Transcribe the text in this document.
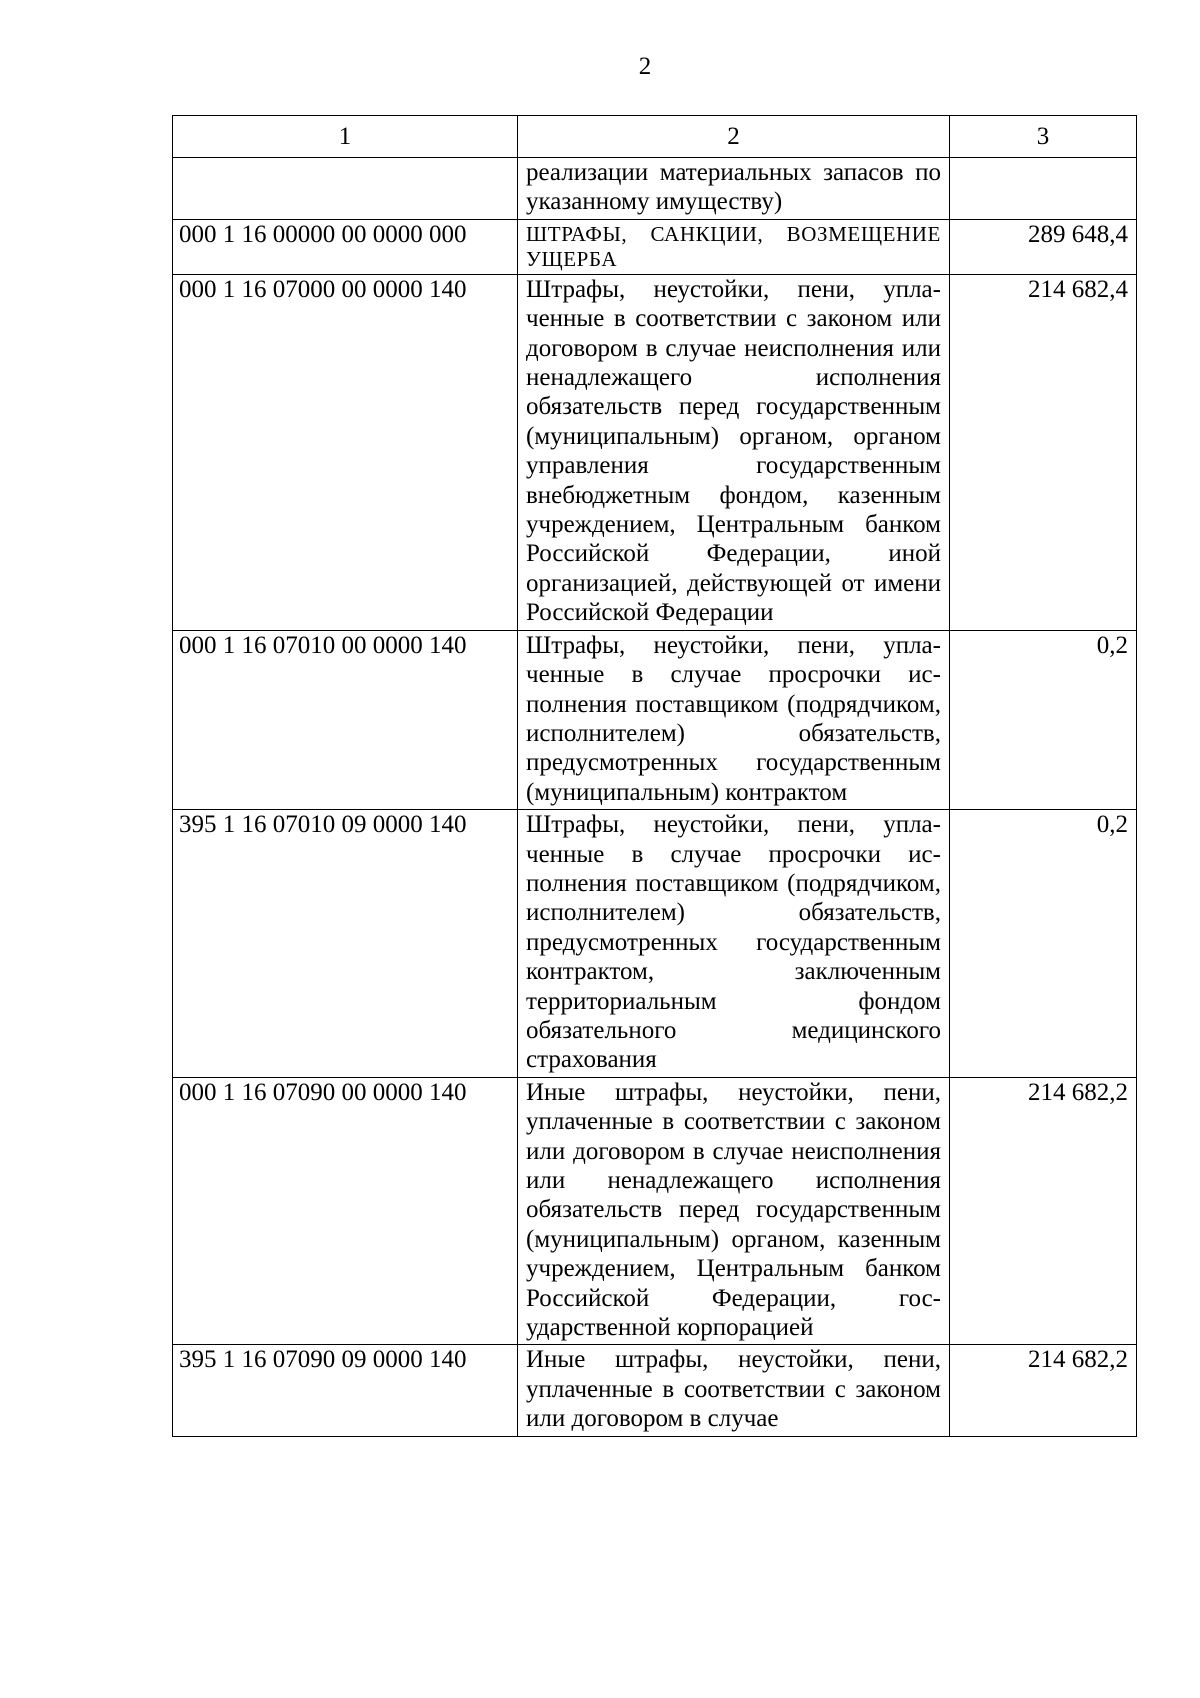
2
1	2	3
	реализации материальных запасов по указанному имуществу)	
000 1 16 00000 00 0000 000	ШТРАФЫ, САНКЦИИ, ВОЗМЕЩЕНИЕ УЩЕРБА	289 648,4
000 1 16 07000 00 0000 140	Штрафы, неустойки, пени, уплаченные в соответствии с законом или договором в случае неисполнения или ненадлежащего исполнения обязательств перед государственным (муниципальным) органом, органом управления государственным внебюджетным фондом, казенным учреждением, Центральным банком Российской Федерации, иной организацией, действующей от имени Российской Федерации	214 682,4
000 1 16 07010 00 0000 140	Штрафы, неустойки, пени, уплаченные в случае просрочки исполнения поставщиком (подрядчиком, исполнителем) обязательств, предусмотренных государственным (муниципальным) контрактом	0,2
395 1 16 07010 09 0000 140	Штрафы, неустойки, пени, уплаченные в случае просрочки исполнения поставщиком (подрядчиком, исполнителем) обязательств, предусмотренных государственным контрактом, заключенным территориальным фондом обязательного медицинского страхования	0,2
000 1 16 07090 00 0000 140	Иные штрафы, неустойки, пени, уплаченные в соответствии с законом или договором в случае неисполнения или ненадлежащего исполнения обязательств перед государственным (муниципальным) органом, казенным учреждением, Центральным банком Российской Федерации, государственной корпорацией	214 682,2
395 1 16 07090 09 0000 140	Иные штрафы, неустойки, пени, уплаченные в соответствии с законом или договором в случае	214 682,2
